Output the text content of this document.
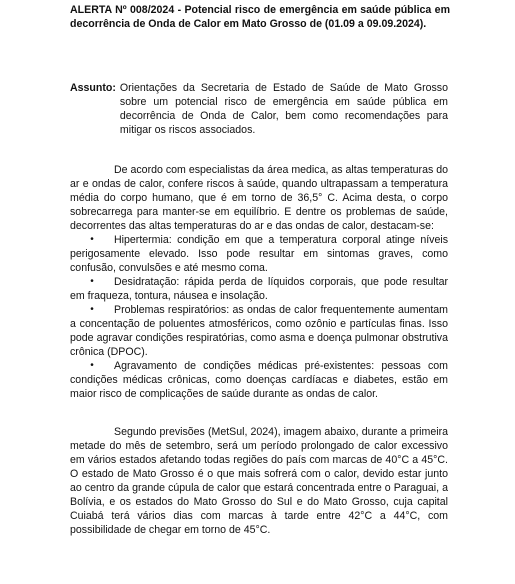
ALERTA Nº 008/2024 - Potencial risco de emergência em saúde pública em decorrência de Onda de Calor em Mato Grosso de (01.09 a 09.09.2024).
Assunto: Orientações da Secretaria de Estado de Saúde de Mato Grosso sobre um potencial risco de emergência em saúde pública em decorrência de Onda de Calor, bem como recomendações para mitigar os riscos associados.
De acordo com especialistas da área medica, as altas temperaturas do ar e ondas de calor, confere riscos à saúde, quando ultrapassam a temperatura média do corpo humano, que é em torno de 36,5° C. Acima desta, o corpo sobrecarrega para manter-se em equilíbrio. E dentre os problemas de saúde, decorrentes das altas temperaturas do ar e das ondas de calor, destacam-se:
• Hipertermia: condição em que a temperatura corporal atinge níveis perigosamente elevado. Isso pode resultar em sintomas graves, como confusão, convulsões e até mesmo coma.
• Desidratação: rápida perda de líquidos corporais, que pode resultar em fraqueza, tontura, náusea e insolação.
• Problemas respiratórios: as ondas de calor frequentemente aumentam a concentação de poluentes atmosféricos, como ozônio e partículas finas. Isso pode agravar condições respiratórias, como asma e doença pulmonar obstrutiva crônica (DPOC).
• Agravamento de condições médicas pré-existentes: pessoas com condições médicas crônicas, como doenças cardíacas e diabetes, estão em maior risco de complicações de saúde durante as ondas de calor.
Segundo previsões (MetSul, 2024), imagem abaixo, durante a primeira metade do mês de setembro, será um período prolongado de calor excessivo em vários estados afetando todas regiões do país com marcas de 40°C a 45°C. O estado de Mato Grosso é o que mais sofrerá com o calor, devido estar junto ao centro da grande cúpula de calor que estará concentrada entre o Paraguai, a Bolívia, e os estados do Mato Grosso do Sul e do Mato Grosso, cuja capital Cuiabá terá vários dias com marcas à tarde entre 42°C a 44°C, com possibilidade de chegar em torno de 45°C.
